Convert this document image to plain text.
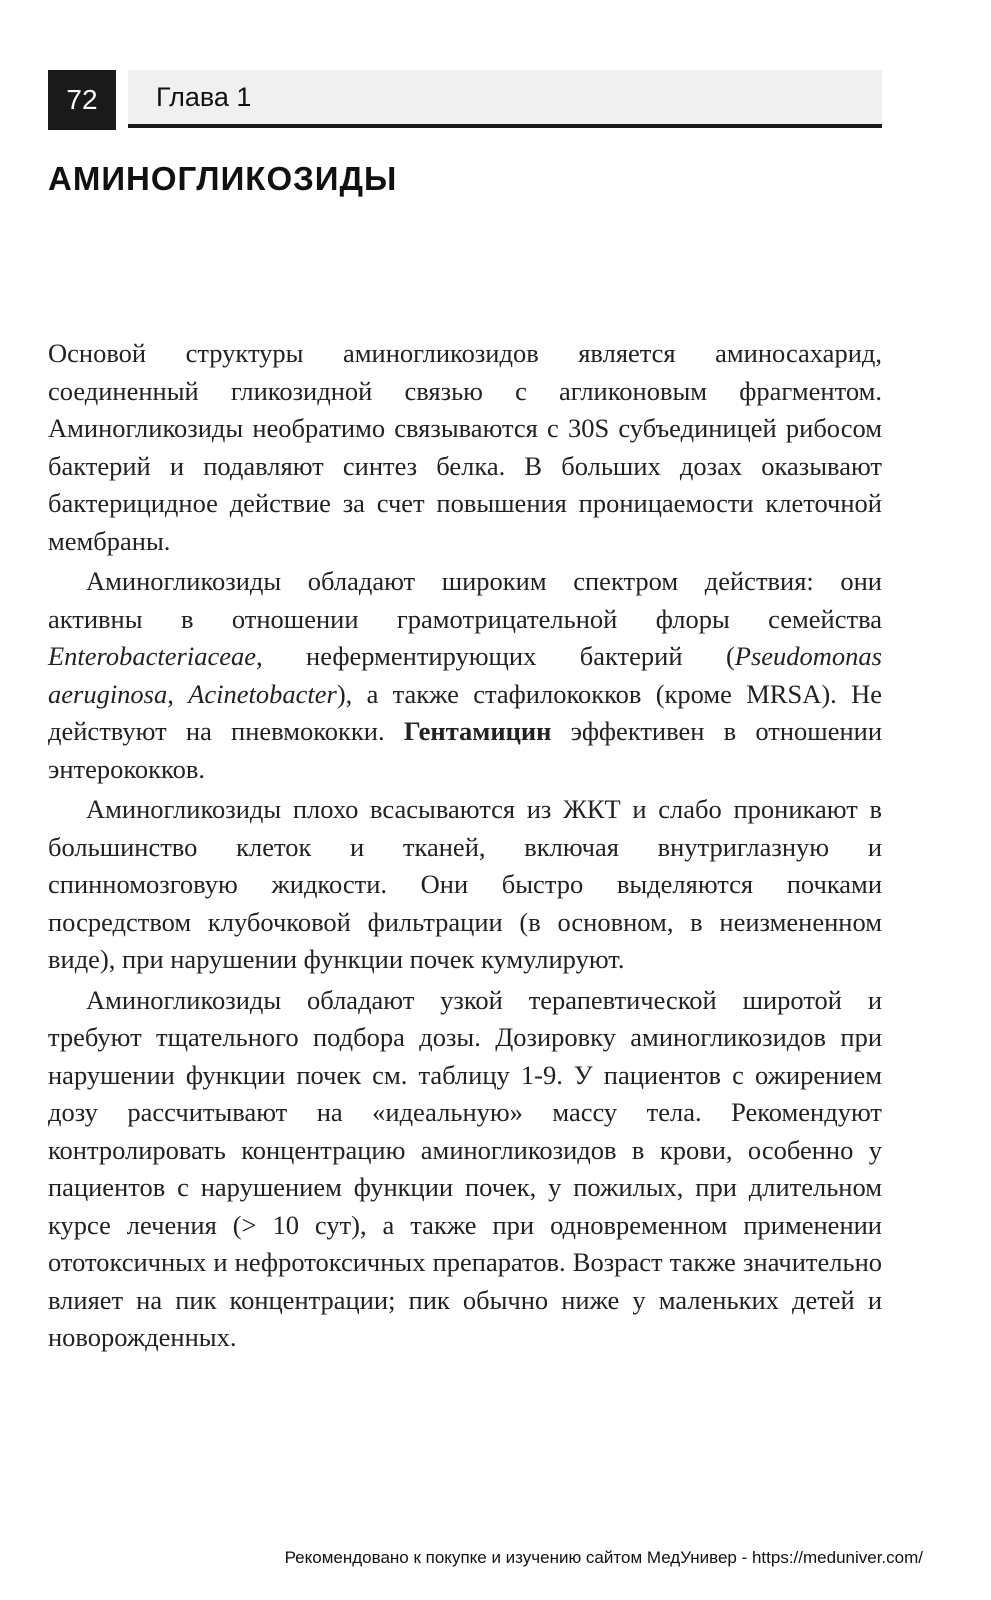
72	Глава 1
АМИНОГЛИКОЗИДЫ

Основой структуры аминогликозидов является аминосахарид, соединенный гликозидной связью с агликоновым фрагментом. Аминогликозиды необратимо связываются с 30S субъединицей рибосом бактерий и подавляют синтез белка. В больших дозах оказывают бактерицидное действие за счет повышения проницаемости клеточной мембраны.

Аминогликозиды обладают широким спектром действия: они активны в отношении грамотрицательной флоры семейства Enterobacteriaceae, неферментирующих бактерий (Pseudomonas aeruginosa, Acinetobacter), а также стафилококков (кроме MRSA). Не действуют на пневмококки. Гентамицин эффективен в отношении энтерококков.

Аминогликозиды плохо всасываются из ЖКТ и слабо проникают в большинство клеток и тканей, включая внутриглазную и спинномозговую жидкости. Они быстро выделяются почками посредством клубочковой фильтрации (в основном, в неизмененном виде), при нарушении функции почек кумулируют.

Аминогликозиды обладают узкой терапевтической широтой и требуют тщательного подбора дозы. Дозировку аминогликозидов при нарушении функции почек см. таблицу 1-9. У пациентов с ожирением дозу рассчитывают на «идеальную» массу тела. Рекомендуют контролировать концентрацию аминогликозидов в крови, особенно у пациентов с нарушением функции почек, у пожилых, при длительном курсе лечения (> 10 сут), а также при одновременном применении ототоксичных и нефротоксичных препаратов. Возраст также значительно влияет на пик концентрации; пик обычно ниже у маленьких детей и новорожденных.

Рекомендовано к покупке и изучению сайтом МедУнивер - https://meduniver.com/
